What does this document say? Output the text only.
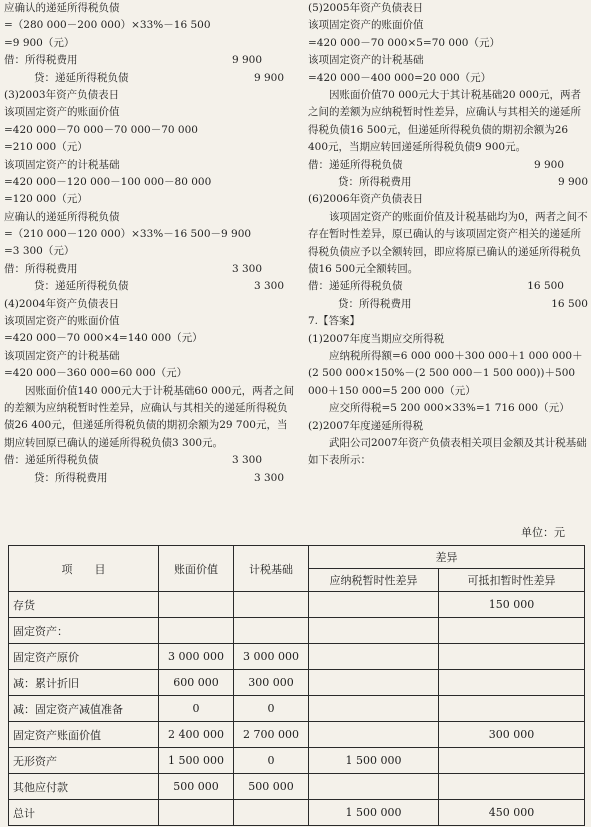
应确认的递延所得税负债
=（280 000－200 000）×33%－16 500
=9 900（元）
借：所得税费用	9 900
贷：递延所得税负债	9 900
(3)2003年资产负债表日
该项固定资产的账面价值
=420 000－70 000－70 000－70 000
=210 000（元）
该项固定资产的计税基础
=420 000－120 000－100 000－80 000
=120 000（元）
应确认的递延所得税负债
=（210 000－120 000）×33%－16 500－9 900
=3 300（元）
借：所得税费用	3 300
贷：递延所得税负债	3 300
(4)2004年资产负债表日
该项固定资产的账面价值
=420 000－70 000×4=140 000（元）
该项固定资产的计税基础
=420 000－360 000=60 000（元）
因账面价值140 000元大于计税基础60 000元，两者之间的差额为应纳税暂时性差异，应确认与其相关的递延所得税负债26 400元，但递延所得税负债的期初余额为29 700元，当期应转回原已确认的递延所得税负债3 300元。
借：递延所得税负债	3 300
贷：所得税费用	3 300
(5)2005年资产负债表日
该项固定资产的账面价值
=420 000－70 000×5=70 000（元）
该项固定资产的计税基础
=420 000－400 000=20 000（元）
因账面价值70 000元大于其计税基础20 000元，两者之间的差额为应纳税暂时性差异，应确认与其相关的递延所得税负债16 500元，但递延所得税负债的期初余额为26 400元，当期应转回递延所得税负债9 900元。
借：递延所得税负债	9 900
贷：所得税费用	9 900
(6)2006年资产负债表日
该项固定资产的账面价值及计税基础均为0，两者之间不存在暂时性差异，原已确认的与该项固定资产相关的递延所得税负债应予以全额转回，即应将原已确认的递延所得税负债16 500元全额转回。
借：递延所得税负债	16 500
贷：所得税费用	16 500
7.【答案】
(1)2007年度当期应交所得税
应纳税所得额=6 000 000＋300 000＋1 000 000＋(2 500 000×150%－(2 500 000－1 500 000))＋500 000＋150 000=5 200 000（元）
应交所得税=5 200 000×33%=1 716 000（元）
(2)2007年度递延所得税
武阳公司2007年资产负债表相关项目金额及其计税基础如下表所示：
单位：元
项　　目	账面价值	计税基础	差异	
			应纳税暂时性差异	可抵扣暂时性差异
存货				150 000
固定资产：				
固定资产原价	3 000 000	3 000 000		
减：累计折旧	600 000	300 000		
减：固定资产减值准备	0	0		
固定资产账面价值	2 400 000	2 700 000		300 000
无形资产	1 500 000	0	1 500 000	
其他应付款	500 000	500 000		
总计			1 500 000	450 000
